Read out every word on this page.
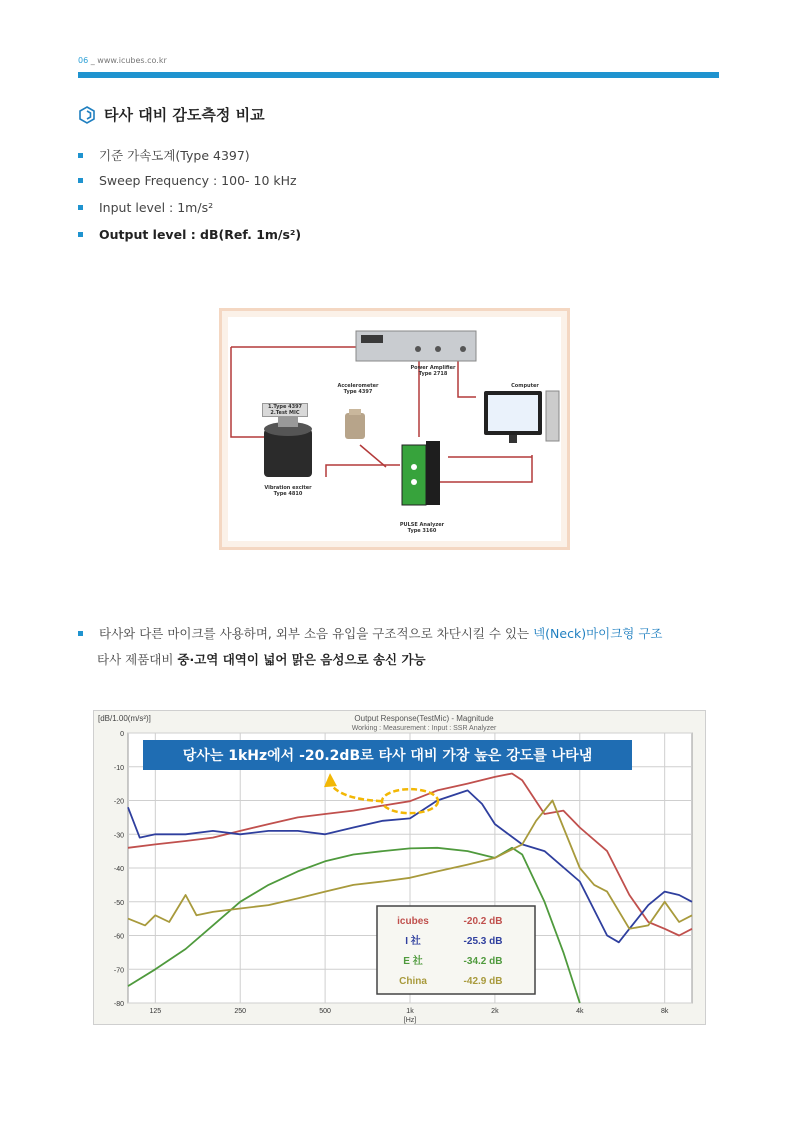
06 _ www.icubes.co.kr
타사 대비 감도측정 비교
기준 가속도계(Type 4397)
Sweep Frequency : 100- 10 kHz
Input level : 1m/s²
Output level : dB(Ref. 1m/s²)
Power Amplifier
Type 2718
Accelerometer
Type 4397
Computer
1.Type 4397
2.Test MIC
Vibration exciter
Type 4810
PULSE Analyzer
Type 3160
타사와 다른 마이크를 사용하며, 외부 소음 유입을 구조적으로 차단시킬 수 있는 넥(Neck)마이크형 구조
타사 제품대비 중·고역 대역이 넓어 맑은 음성으로 송신 가능
0
-10
-20
-30
-40
-50
-60
-70
-80
125	250	500	1k	2k	4k	8k
[dB/1.00(m/s²)]
[Hz]
Output Response(TestMic) - Magnitude
Working : Measurement : Input : SSR Analyzer
icubes	-20.2 dB
I 社	-25.3 dB
E 社	-34.2 dB
China	-42.9 dB
당사는 1kHz에서 -20.2dB로 타사 대비 가장 높은 강도를 나타냄
